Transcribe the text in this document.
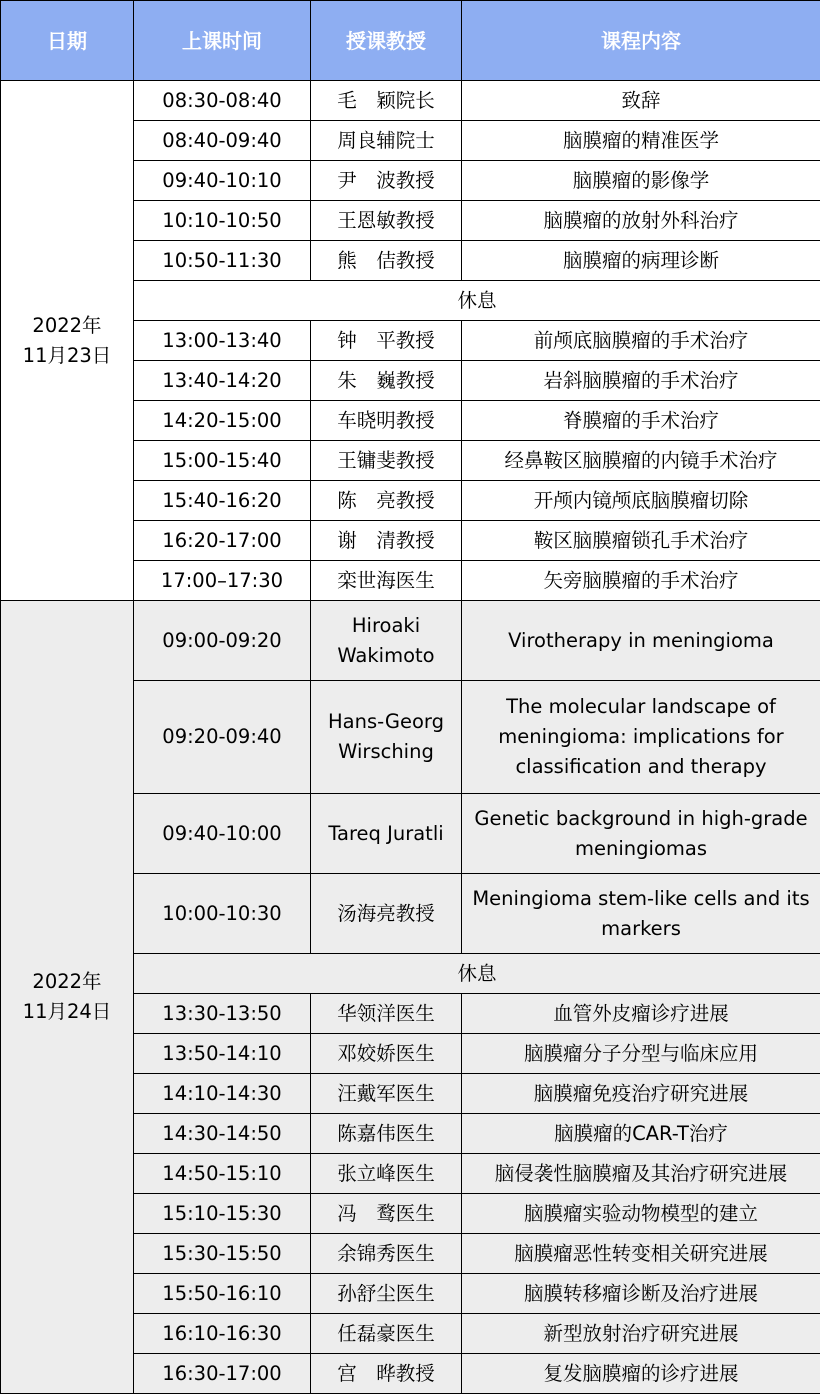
日期	上课时间	授课教授	课程内容

2022年
11月23日	08:30-08:40	毛　颖院长	致辞
	08:40-09:40	周良辅院士	脑膜瘤的精准医学
	09:40-10:10	尹　波教授	脑膜瘤的影像学
	10:10-10:50	王恩敏教授	脑膜瘤的放射外科治疗
	10:50-11:30	熊　佶教授	脑膜瘤的病理诊断
	休息		
	13:00-13:40	钟　平教授	前颅底脑膜瘤的手术治疗
	13:40-14:20	朱　巍教授	岩斜脑膜瘤的手术治疗
	14:20-15:00	车晓明教授	脊膜瘤的手术治疗
	15:00-15:40	王镛斐教授	经鼻鞍区脑膜瘤的内镜手术治疗
	15:40-16:20	陈　亮教授	开颅内镜颅底脑膜瘤切除
	16:20-17:00	谢　清教授	鞍区脑膜瘤锁孔手术治疗
	17:00–17:30	栾世海医生	矢旁脑膜瘤的手术治疗

2022年
11月24日	09:00-09:20	Hiroaki Wakimoto	Virotherapy in meningioma
	09:20-09:40	Hans-Georg Wirsching	The molecular landscape of meningioma: implications for classification and therapy
	09:40-10:00	Tareq Juratli	Genetic background in high-grade meningiomas
	10:00-10:30	汤海亮教授	Meningioma stem-like cells and its markers
	休息		
	13:30-13:50	华领洋医生	血管外皮瘤诊疗进展
	13:50-14:10	邓姣娇医生	脑膜瘤分子分型与临床应用
	14:10-14:30	汪戴军医生	脑膜瘤免疫治疗研究进展
	14:30-14:50	陈嘉伟医生	脑膜瘤的CAR-T治疗
	14:50-15:10	张立峰医生	脑侵袭性脑膜瘤及其治疗研究进展
	15:10-15:30	冯　鹜医生	脑膜瘤实验动物模型的建立
	15:30-15:50	余锦秀医生	脑膜瘤恶性转变相关研究进展
	15:50-16:10	孙舒尘医生	脑膜转移瘤诊断及治疗进展
	16:10-16:30	任磊豪医生	新型放射治疗研究进展
	16:30-17:00	宫　晔教授	复发脑膜瘤的诊疗进展
